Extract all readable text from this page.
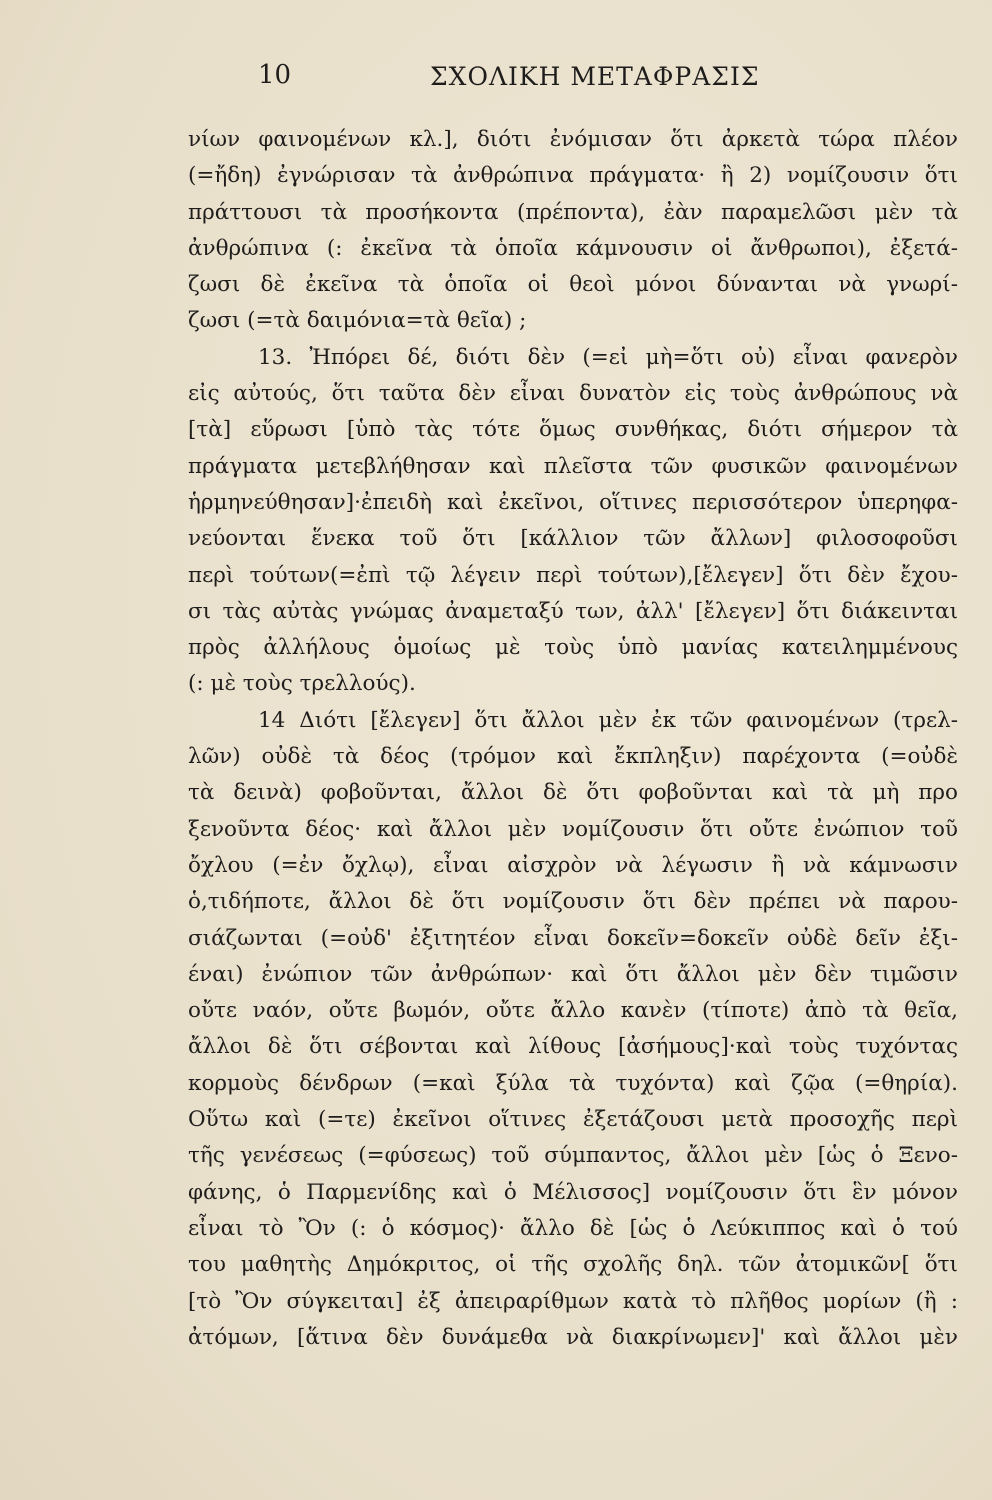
10	ΣΧΟΛΙΚΗ ΜΕΤΑΦΡΑΣΙΣ
νίων φαινομένων κλ.], διότι ἐνόμισαν ὅτι ἀρκετὰ τώρα πλέον
(=ἤδη) ἐγνώρισαν τὰ ἀνθρώπινα πράγματα· ἢ 2) νομίζουσιν ὅτι
πράττουσι τὰ προσήκοντα (πρέποντα), ἐὰν παραμελῶσι μὲν τὰ
ἀνθρώπινα (: ἐκεῖνα τὰ ὁποῖα κάμνουσιν οἱ ἄνθρωποι), ἐξετά-
ζωσι δὲ ἐκεῖνα τὰ ὁποῖα οἱ θεοὶ μόνοι δύνανται νὰ γνωρί-
ζωσι (=τὰ δαιμόνια=τὰ θεῖα) ;
13. Ἠπόρει δέ, διότι δὲν (=εἰ μὴ=ὅτι οὐ) εἶναι φανερὸν
εἰς αὐτούς, ὅτι ταῦτα δὲν εἶναι δυνατὸν εἰς τοὺς ἀνθρώπους νὰ
[τὰ] εὕρωσι [ὑπὸ τὰς τότε ὅμως συνθήκας, διότι σήμερον τὰ
πράγματα μετεβλήθησαν καὶ πλεῖστα τῶν φυσικῶν φαινομένων
ἡρμηνεύθησαν]·ἐπειδὴ καὶ ἐκεῖνοι, οἵτινες περισσότερον ὑπερηφα-
νεύονται ἕνεκα τοῦ ὅτι [κάλλιον τῶν ἄλλων] φιλοσοφοῦσι
περὶ τούτων(=ἐπὶ τῷ λέγειν περὶ τούτων),[ἔλεγεν] ὅτι δὲν ἔχου-
σι τὰς αὐτὰς γνώμας ἀναμεταξύ των, ἀλλ' [ἔλεγεν] ὅτι διάκεινται
πρὸς ἀλλήλους ὁμοίως μὲ τοὺς ὑπὸ μανίας κατειλημμένους
(: μὲ τοὺς τρελλούς).
14 Διότι [ἔλεγεν] ὅτι ἄλλοι μὲν ἐκ τῶν φαινομένων (τρελ-
λῶν) οὐδὲ τὰ δέος (τρόμον καὶ ἔκπληξιν) παρέχοντα (=οὐδὲ
τὰ δεινὰ) φοβοῦνται, ἄλλοι δὲ ὅτι φοβοῦνται καὶ τὰ μὴ προ
ξενοῦντα δέος· καὶ ἄλλοι μὲν νομίζουσιν ὅτι οὔτε ἐνώπιον τοῦ
ὄχλου (=ἐν ὄχλῳ), εἶναι αἰσχρὸν νὰ λέγωσιν ἢ νὰ κάμνωσιν
ὁ,τιδήποτε, ἄλλοι δὲ ὅτι νομίζουσιν ὅτι δὲν πρέπει νὰ παρου-
σιάζωνται (=οὐδ' ἐξιτητέον εἶναι δοκεῖν=δοκεῖν οὐδὲ δεῖν ἐξι-
έναι) ἐνώπιον τῶν ἀνθρώπων· καὶ ὅτι ἄλλοι μὲν δὲν τιμῶσιν
οὔτε ναόν, οὔτε βωμόν, οὔτε ἄλλο κανὲν (τίποτε) ἀπὸ τὰ θεῖα,
ἄλλοι δὲ ὅτι σέβονται καὶ λίθους [ἀσήμους]·καὶ τοὺς τυχόντας
κορμοὺς δένδρων (=καὶ ξύλα τὰ τυχόντα) καὶ ζῷα (=θηρία).
Οὕτω καὶ (=τε) ἐκεῖνοι οἵτινες ἐξετάζουσι μετὰ προσοχῆς περὶ
τῆς γενέσεως (=φύσεως) τοῦ σύμπαντος, ἄλλοι μὲν [ὡς ὁ Ξενο-
φάνης, ὁ Παρμενίδης καὶ ὁ Μέλισσος] νομίζουσιν ὅτι ἓν μόνον
εἶναι τὸ Ὂν (: ὁ κόσμος)· ἄλλο δὲ [ὡς ὁ Λεύκιππος καὶ ὁ τού
του μαθητὴς Δημόκριτος, οἱ τῆς σχολῆς δηλ. τῶν ἀτομικῶν[ ὅτι
[τὸ Ὂν σύγκειται] ἐξ ἀπειραρίθμων κατὰ τὸ πλῆθος μορίων (ἢ :
ἀτόμων, [ἅτινα δὲν δυνάμεθα νὰ διακρίνωμεν]' καὶ ἄλλοι μὲν
